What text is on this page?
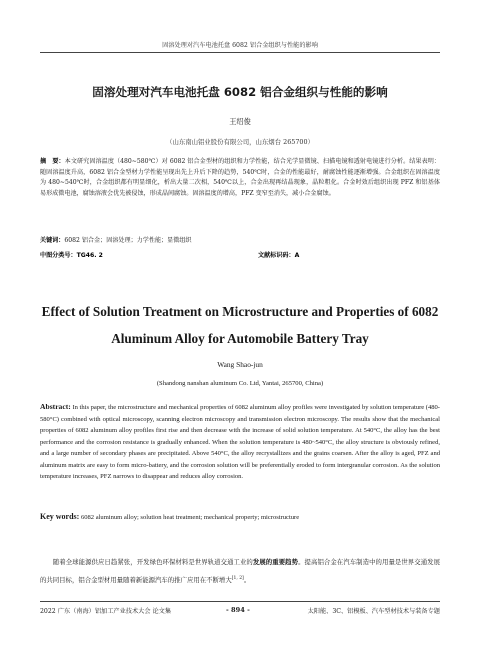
固溶处理对汽车电池托盘 6082 铝合金组织与性能的影响
固溶处理对汽车电池托盘 6082 铝合金组织与性能的影响
王绍俊
（山东南山铝业股份有限公司，山东烟台 265700）
摘　要：本文研究固溶温度（480~580℃）对 6082 铝合金型材的组织和力学性能，结合光学显微镜、扫描电镜和透射电镜进行分析。结果表明：随固溶温度升高，6082 铝合金型材力学性能呈现出先上升后下降的趋势，540℃时，合金的性能最好，耐腐蚀性能逐渐增强。合金组织在固溶温度为 480~540℃时，合金组织都有明显细化，析出大量二次相，540℃以上，合金出现再结晶现象，晶粒粗化。合金时效后组织出现 PFZ 和铝基体易形成微电池，腐蚀溶液会优先被侵蚀，形成晶间腐蚀。固溶温度的增高，PFZ 变窄至消失，减小合金腐蚀。
关键词：6082 铝合金；固溶处理；力学性能；显微组织
中图分类号：TG46. 2	文献标识码：A
Effect of Solution Treatment on Microstructure and Properties of 6082 Aluminum Alloy for Automobile Battery Tray
Wang Shao-jun
(Shandong nanshan aluminum Co. Ltd, Yantai, 265700, China)
Abstract: In this paper, the microstructure and mechanical properties of 6082 aluminum alloy profiles were investigated by solution temperature (480-580°C) combined with optical microscopy, scanning electron microscopy and transmission electron microscopy. The results show that the mechanical properties of 6082 aluminum alloy profiles first rise and then decrease with the increase of solid solution temperature. At 540°C, the alloy has the best performance and the corrosion resistance is gradually enhanced. When the solution temperature is 480~540°C, the alloy structure is obviously refined, and a large number of secondary phases are precipitated. Above 540°C, the alloy recrystallizes and the grains coarsen. After the alloy is aged, PFZ and aluminum matrix are easy to form micro-battery, and the corrosion solution will be preferentially eroded to form intergranular corrosion. As the solution temperature increases, PFZ narrows to disappear and reduces alloy corrosion.
Key words: 6082 aluminum alloy; solution heat treatment; mechanical property; microstructure
随着全球能源供应日趋紧张，开发绿色环保材料是世界轨道交通工业的发展的重要趋势。提高铝合金在汽车制造中的用量是世界交通发展的共同目标，铝合金型材用量随着新能源汽车的推广应用在不断增大[1, 2]。
2022 广东（南海）铝加工产业技术大会 论文集	- 894 -	太阳能、3C、铝模板、汽车型材技术与装备专题
